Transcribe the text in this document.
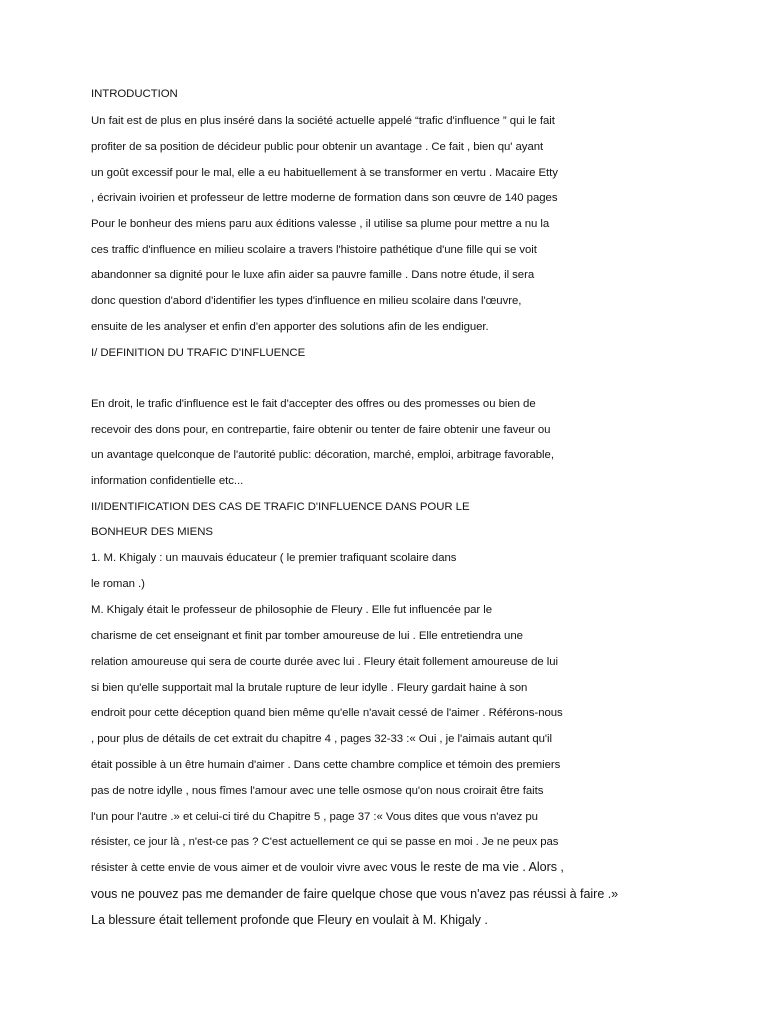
INTRODUCTION
Un fait est de plus en plus inséré dans la société actuelle appelé “trafic d'influence ” qui le fait
profiter de sa position de décideur public pour obtenir un avantage . Ce fait , bien qu' ayant
un goût excessif pour le mal, elle a eu habituellement à se transformer en vertu . Macaire Etty
, écrivain ivoirien et professeur de lettre moderne de formation dans son œuvre de 140 pages
Pour le bonheur des miens paru aux éditions valesse , il utilise sa plume pour mettre a nu la
ces traffic d'influence en milieu scolaire a travers l'histoire pathétique d'une fille qui se voit
abandonner sa dignité pour le luxe afin aider sa pauvre famille . Dans notre étude, il sera
donc question d'abord d'identifier les types d'influence en milieu scolaire dans l'œuvre,
ensuite de les analyser et enfin d'en apporter des solutions afin de les endiguer.
I/ DEFINITION DU TRAFIC D'INFLUENCE
En droit, le trafic d'influence est le fait d'accepter des offres ou des promesses ou bien de
recevoir des dons pour, en contrepartie, faire obtenir ou tenter de faire obtenir une faveur ou
un avantage quelconque de l'autorité public: décoration, marché, emploi, arbitrage favorable,
information confidentielle etc...
II/IDENTIFICATION DES CAS DE TRAFIC D'INFLUENCE DANS POUR LE
BONHEUR DES MIENS
1. M. Khigaly : un mauvais éducateur ( le premier trafiquant scolaire dans
le roman .)
M. Khigaly était le professeur de philosophie de Fleury . Elle fut influencée par le
charisme de cet enseignant et finit par tomber amoureuse de lui . Elle entretiendra une
relation amoureuse qui sera de courte durée avec lui . Fleury était follement amoureuse de lui
si bien qu'elle supportait mal la brutale rupture de leur idylle . Fleury gardait haine à son
endroit pour cette déception quand bien même qu'elle n'avait cessé de l'aimer . Référons-nous
, pour plus de détails de cet extrait du chapitre 4 , pages 32-33 :« Oui , je l'aimais autant qu'il
était possible à un être humain d'aimer . Dans cette chambre complice et témoin des premiers
pas de notre idylle , nous fîmes l'amour avec une telle osmose qu'on nous croirait être faits
l'un pour l'autre .» et celui-ci tiré du Chapitre 5 , page 37 :« Vous dites que vous n'avez pu
résister, ce jour là , n'est-ce pas ? C'est actuellement ce qui se passe en moi . Je ne peux pas
résister à cette envie de vous aimer et de vouloir vivre avec vous le reste de ma vie . Alors ,
vous ne pouvez pas me demander de faire quelque chose que vous n'avez pas réussi à faire .»
La blessure était tellement profonde que Fleury en voulait à M. Khigaly .
